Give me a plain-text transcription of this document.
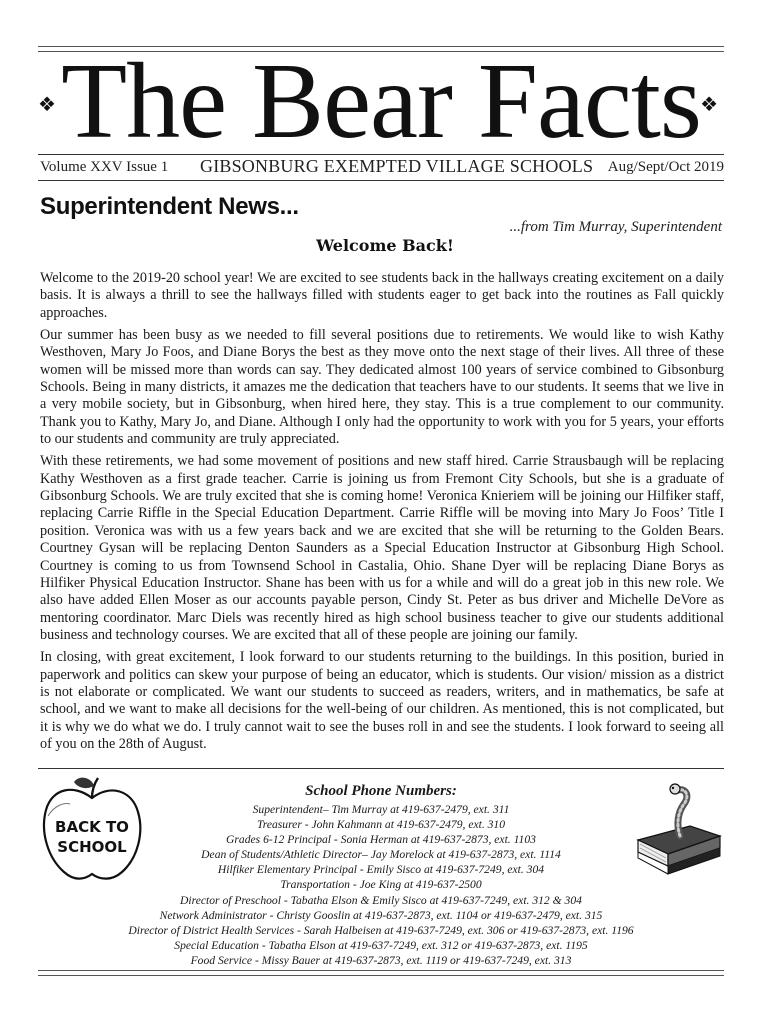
❖ The Bear Facts ❖
Volume XXV Issue 1 GIBSONBURG EXEMPTED VILLAGE SCHOOLS Aug/Sept/Oct 2019
Superintendent News...
...from Tim Murray, Superintendent
Welcome Back!

Welcome to the 2019-20 school year! We are excited to see students back in the hallways creating excitement on a daily basis. It is always a thrill to see the hallways filled with students eager to get back into the routines as Fall quickly approaches.

Our summer has been busy as we needed to fill several positions due to retirements. We would like to wish Kathy Westhoven, Mary Jo Foos, and Diane Borys the best as they move onto the next stage of their lives. All three of these women will be missed more than words can say. They dedicated almost 100 years of service combined to Gibsonburg Schools. Being in many districts, it amazes me the dedication that teachers have to our students. It seems that we live in a very mobile society, but in Gibsonburg, when hired here, they stay. This is a true complement to our community. Thank you to Kathy, Mary Jo, and Diane. Although I only had the opportunity to work with you for 5 years, your efforts to our students and community are truly appreciated.

With these retirements, we had some movement of positions and new staff hired. Carrie Strausbaugh will be replacing Kathy Westhoven as a first grade teacher. Carrie is joining us from Fremont City Schools, but she is a graduate of Gibsonburg Schools. We are truly excited that she is coming home! Veronica Knieriem will be joining our Hilfiker staff, replacing Carrie Riffle in the Special Education Department. Carrie Riffle will be moving into Mary Jo Foos’ Title I position. Veronica was with us a few years back and we are excited that she will be returning to the Golden Bears. Courtney Gysan will be replacing Denton Saunders as a Special Education Instructor at Gibsonburg High School. Courtney is coming to us from Townsend School in Castalia, Ohio. Shane Dyer will be replacing Diane Borys as Hilfiker Physical Education Instructor. Shane has been with us for a while and will do a great job in this new role. We also have added Ellen Moser as our accounts payable person, Cindy St. Peter as bus driver and Michelle DeVore as mentoring coordinator. Marc Diels was recently hired as high school business teacher to give our students additional business and technology courses. We are excited that all of these people are joining our family.

In closing, with great excitement, I look forward to our students returning to the buildings. In this position, buried in paperwork and politics can skew your purpose of being an educator, which is students. Our vision/ mission as a district is not elaborate or complicated. We want our students to succeed as readers, writers, and in mathematics, be safe at school, and we want to make all decisions for the well-being of our children. As mentioned, this is not complicated, but it is why we do what we do. I truly cannot wait to see the buses roll in and see the students. I look forward to seeing all of you on the 28th of August.

BACK TO
SCHOOL
School Phone Numbers:
Superintendent– Tim Murray at 419-637-2479, ext. 311
Treasurer - John Kahmann at 419-637-2479, ext. 310
Grades 6-12 Principal - Sonia Herman at 419-637-2873, ext. 1103
Dean of Students/Athletic Director– Jay Morelock at 419-637-2873, ext. 1114
Hilfiker Elementary Principal - Emily Sisco at 419-637-7249, ext. 304
Transportation - Joe King at 419-637-2500
Director of Preschool - Tabatha Elson & Emily Sisco at 419-637-7249, ext. 312 & 304
Network Administrator - Christy Gooslin at 419-637-2873, ext. 1104 or 419-637-2479, ext. 315
Director of District Health Services - Sarah Halbeisen at 419-637-7249, ext. 306 or 419-637-2873, ext. 1196
Special Education - Tabatha Elson at 419-637-7249, ext. 312 or 419-637-2873, ext. 1195
Food Service - Missy Bauer at 419-637-2873, ext. 1119 or 419-637-7249, ext. 313
